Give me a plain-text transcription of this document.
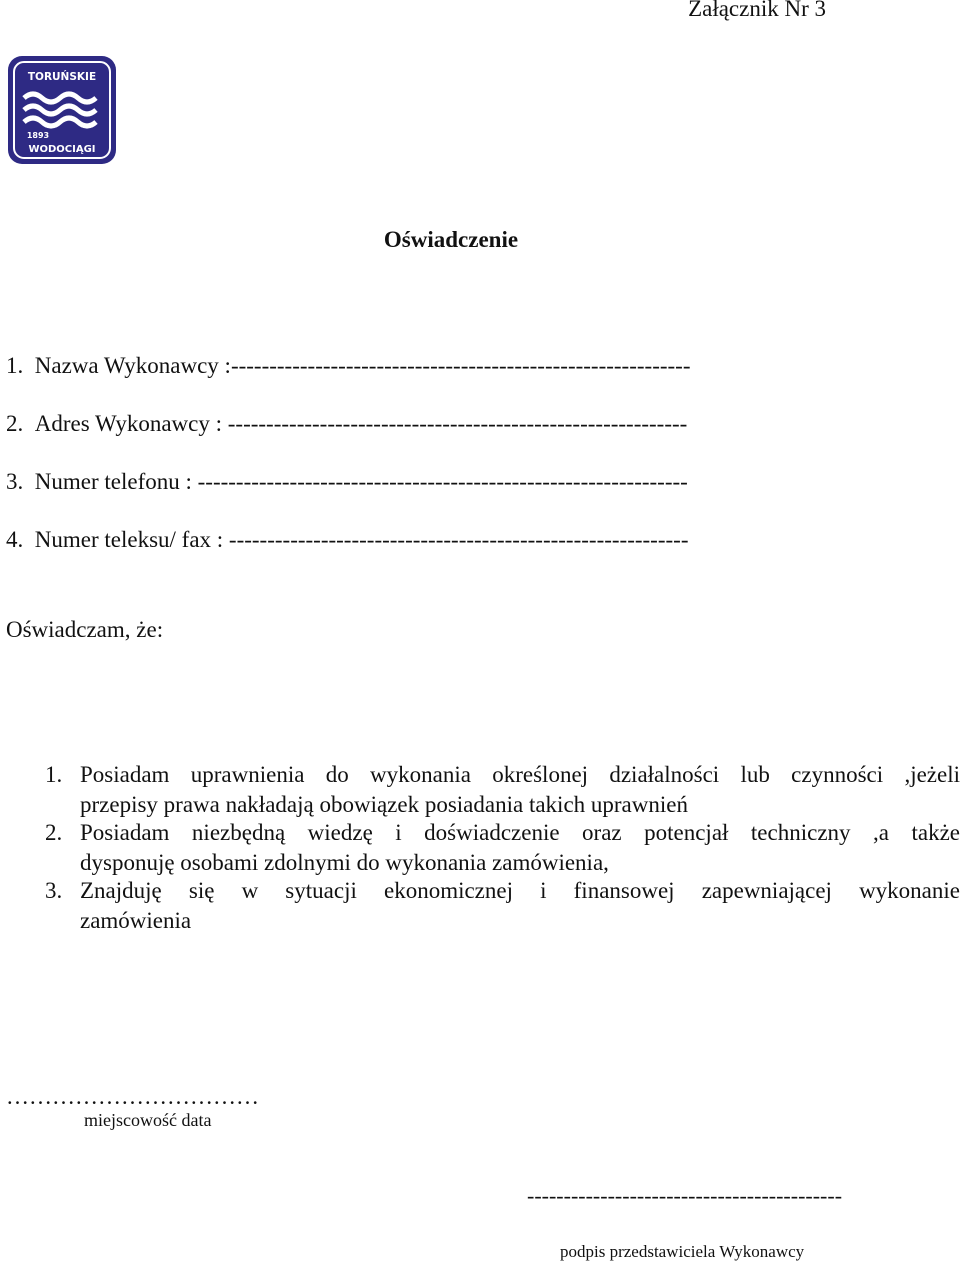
Załącznik Nr 3
TORUŃSKIE
1893
WODOCIĄGI
Oświadczenie
1. Nazwa Wykonawcy :------------------------------------------------------------
2. Adres Wykonawcy : ------------------------------------------------------------
3. Numer telefonu : ----------------------------------------------------------------
4. Numer teleksu/ fax : ------------------------------------------------------------
Oświadczam, że:
1. Posiadam uprawnienia do wykonania określonej działalności lub czynności ,jeżeli
przepisy prawa nakładają obowiązek posiadania takich uprawnień
2. Posiadam niezbędną wiedzę i doświadczenie oraz potencjał techniczny ,a także
dysponuję osobami zdolnymi do wykonania zamówienia,
3. Znajduję się w sytuacji ekonomicznej i finansowej zapewniającej wykonanie
zamówienia
……………………………
miejscowość data
-------------------------------------------
podpis przedstawiciela Wykonawcy
